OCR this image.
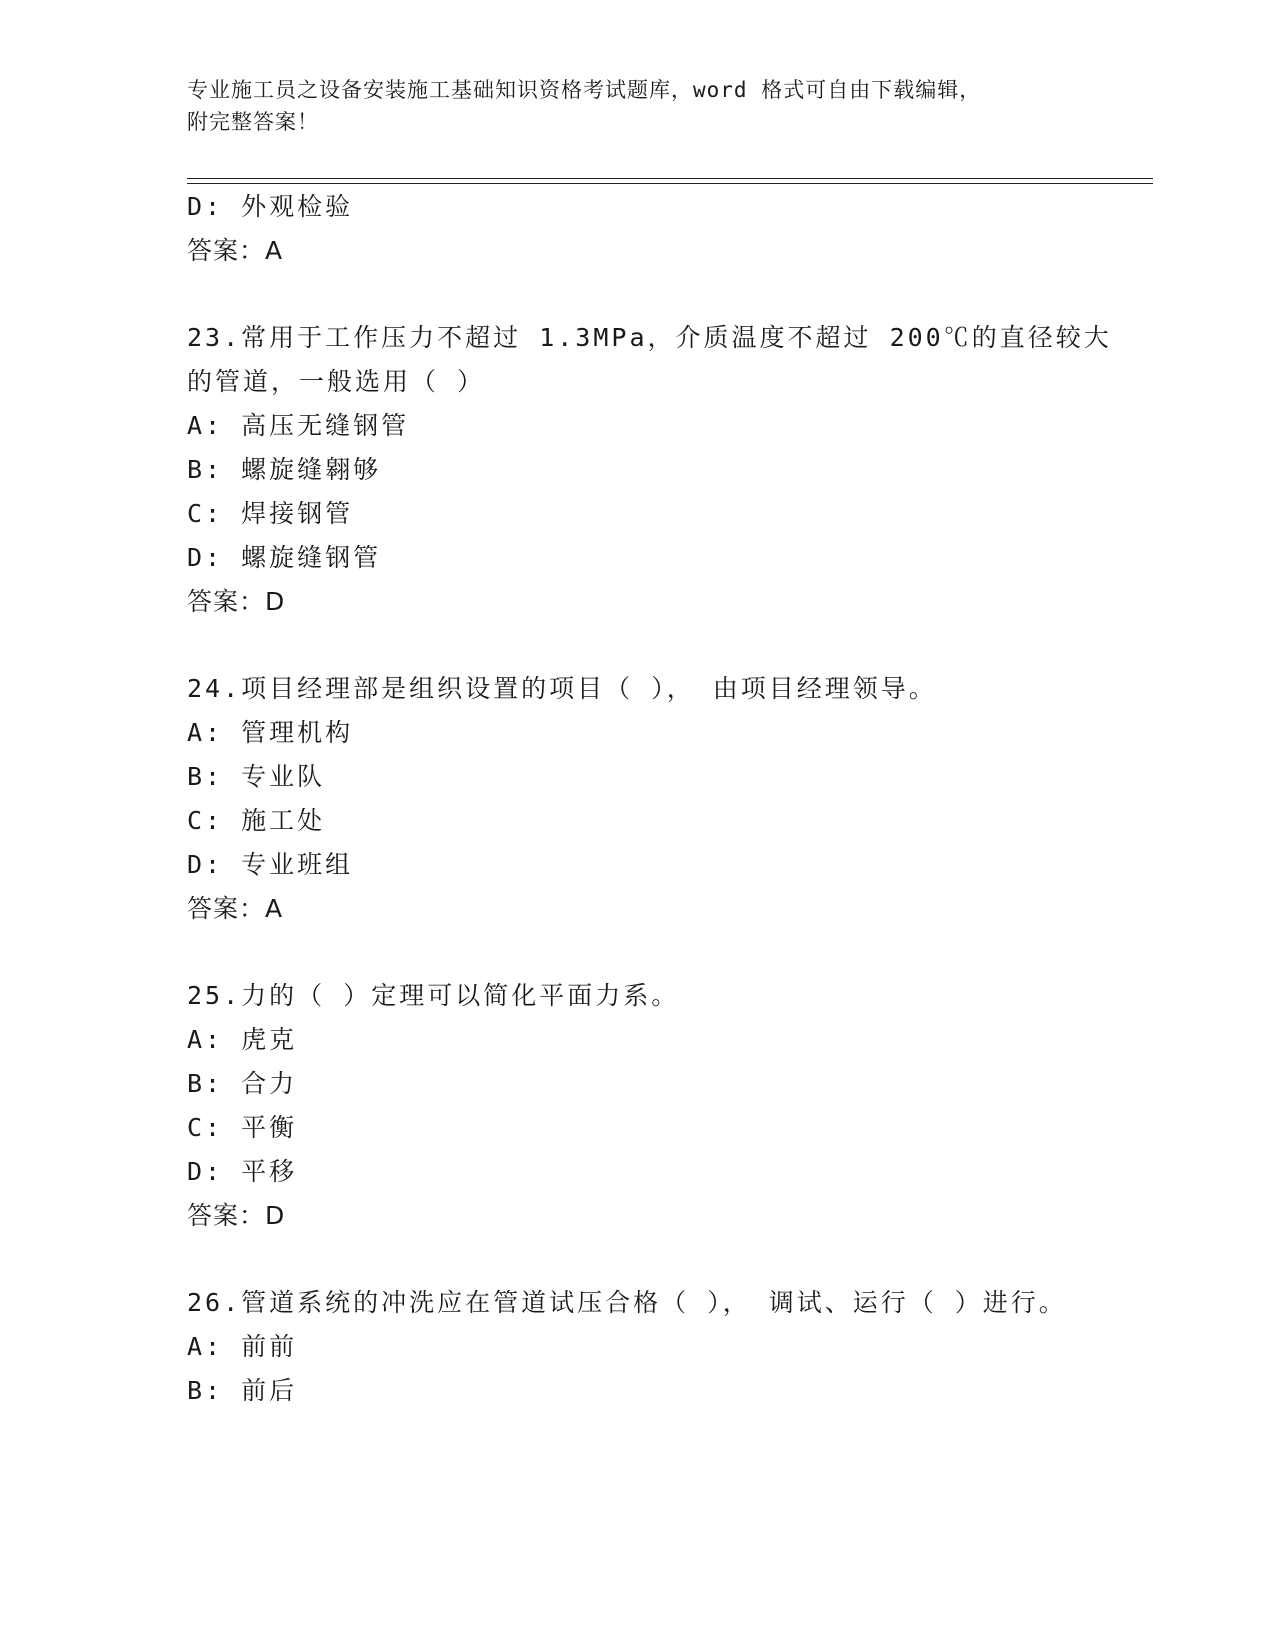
专业施工员之设备安装施工基础知识资格考试题库，word 格式可自由下载编辑，
附完整答案！
D: 外观检验
答案：A
23.常用于工作压力不超过 1.3MPa，介质温度不超过 200℃的直径较大
的管道，一般选用（ ）
A: 高压无缝钢管
B: 螺旋缝翱够
C: 焊接钢管
D: 螺旋缝钢管
答案：D
24.项目经理部是组织设置的项目（ ）， 由项目经理领导。
A: 管理机构
B: 专业队
C: 施工处
D: 专业班组
答案：A
25.力的（ ）定理可以简化平面力系。
A: 虎克
B: 合力
C: 平衡
D: 平移
答案：D
26.管道系统的冲洗应在管道试压合格（ ）， 调试、运行（ ）进行。
A: 前前
B: 前后
